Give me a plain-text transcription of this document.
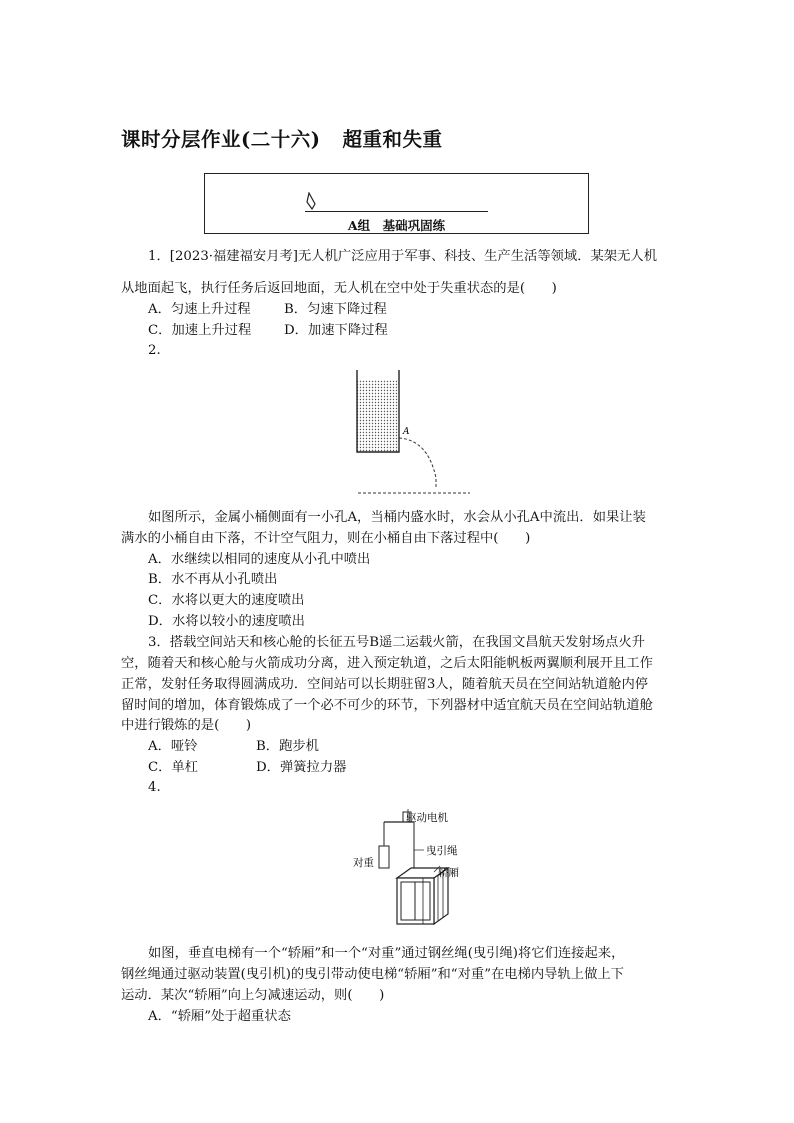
课时分层作业(二十六) 超重和失重
A组　基础巩固练
1．[2023·福建福安月考]无人机广泛应用于军事、科技、生产生活等领域．某架无人机
从地面起飞，执行任务后返回地面，无人机在空中处于失重状态的是(　　)
A．匀速上升过程	B．匀速下降过程
C．加速上升过程 D．加速下降过程
2.
A
如图所示，金属小桶侧面有一小孔A，当桶内盛水时，水会从小孔A中流出．如果让装
满水的小桶自由下落，不计空气阻力，则在小桶自由下落过程中(　　)
A．水继续以相同的速度从小孔中喷出
B．水不再从小孔喷出
C．水将以更大的速度喷出
D．水将以较小的速度喷出
3．搭载空间站天和核心舱的长征五号B遥二运载火箭，在我国文昌航天发射场点火升
空，随着天和核心舱与火箭成功分离，进入预定轨道，之后太阳能帆板两翼顺利展开且工作
正常，发射任务取得圆满成功．空间站可以长期驻留3人，随着航天员在空间站轨道舱内停
留时间的增加，体育锻炼成了一个必不可少的环节，下列器材中适宜航天员在空间站轨道舱
中进行锻炼的是(　　)
A．哑铃	B．跑步机
C．单杠	D．弹簧拉力器
4.
驱动电机
对重
曳引绳
轿厢
如图，垂直电梯有一个“轿厢”和一个“对重”通过钢丝绳(曳引绳)将它们连接起来，
钢丝绳通过驱动装置(曳引机)的曳引带动使电梯“轿厢”和“对重”在电梯内导轨上做上下
运动．某次“轿厢”向上匀减速运动，则(　　)
A．“轿厢”处于超重状态
